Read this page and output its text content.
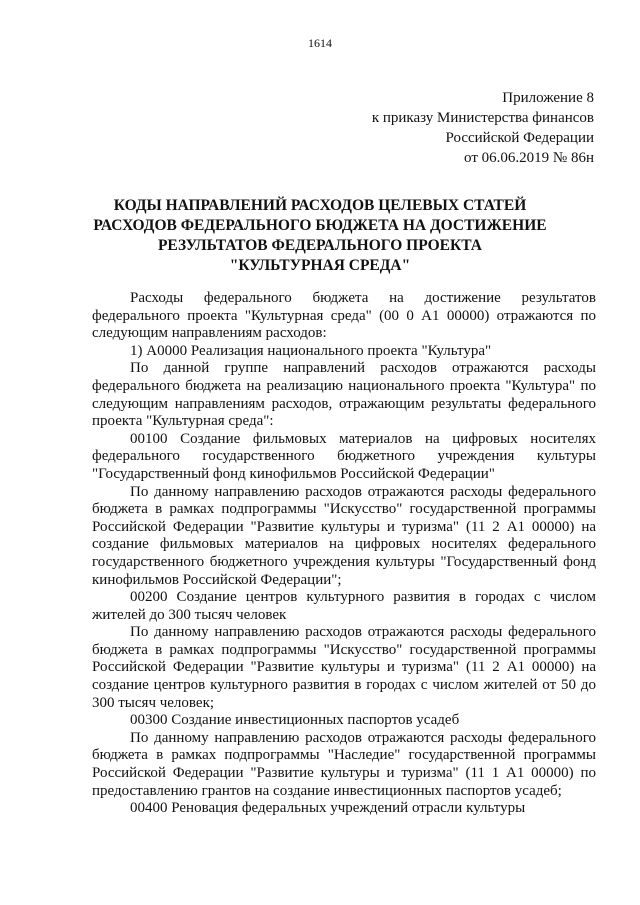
1614
Приложение 8
к приказу Министерства финансов
Российской Федерации
от 06.06.2019 № 86н
КОДЫ НАПРАВЛЕНИЙ РАСХОДОВ ЦЕЛЕВЫХ СТАТЕЙ
РАСХОДОВ ФЕДЕРАЛЬНОГО БЮДЖЕТА НА ДОСТИЖЕНИЕ
РЕЗУЛЬТАТОВ ФЕДЕРАЛЬНОГО ПРОЕКТА
"КУЛЬТУРНАЯ СРЕДА"

Расходы федерального бюджета на достижение результатов федерального проекта "Культурная среда" (00 0 А1 00000) отражаются по следующим направлениям расходов:

1) А0000 Реализация национального проекта "Культура"

По данной группе направлений расходов отражаются расходы федерального бюджета на реализацию национального проекта "Культура" по следующим направлениям расходов, отражающим результаты федерального проекта "Культурная среда":

00100 Создание фильмовых материалов на цифровых носителях федерального государственного бюджетного учреждения культуры "Государственный фонд кинофильмов Российской Федерации"

По данному направлению расходов отражаются расходы федерального бюджета в рамках подпрограммы "Искусство" государственной программы Российской Федерации "Развитие культуры и туризма" (11 2 А1 00000) на создание фильмовых материалов на цифровых носителях федерального государственного бюджетного учреждения культуры "Государственный фонд кинофильмов Российской Федерации";

00200 Создание центров культурного развития в городах с числом жителей до 300 тысяч человек

По данному направлению расходов отражаются расходы федерального бюджета в рамках подпрограммы "Искусство" государственной программы Российской Федерации "Развитие культуры и туризма" (11 2 А1 00000) на создание центров культурного развития в городах с числом жителей от 50 до 300 тысяч человек;

00300 Создание инвестиционных паспортов усадеб

По данному направлению расходов отражаются расходы федерального бюджета в рамках подпрограммы "Наследие" государственной программы Российской Федерации "Развитие культуры и туризма" (11 1 А1 00000) по предоставлению грантов на создание инвестиционных паспортов усадеб;

00400 Реновация федеральных учреждений отрасли культуры
